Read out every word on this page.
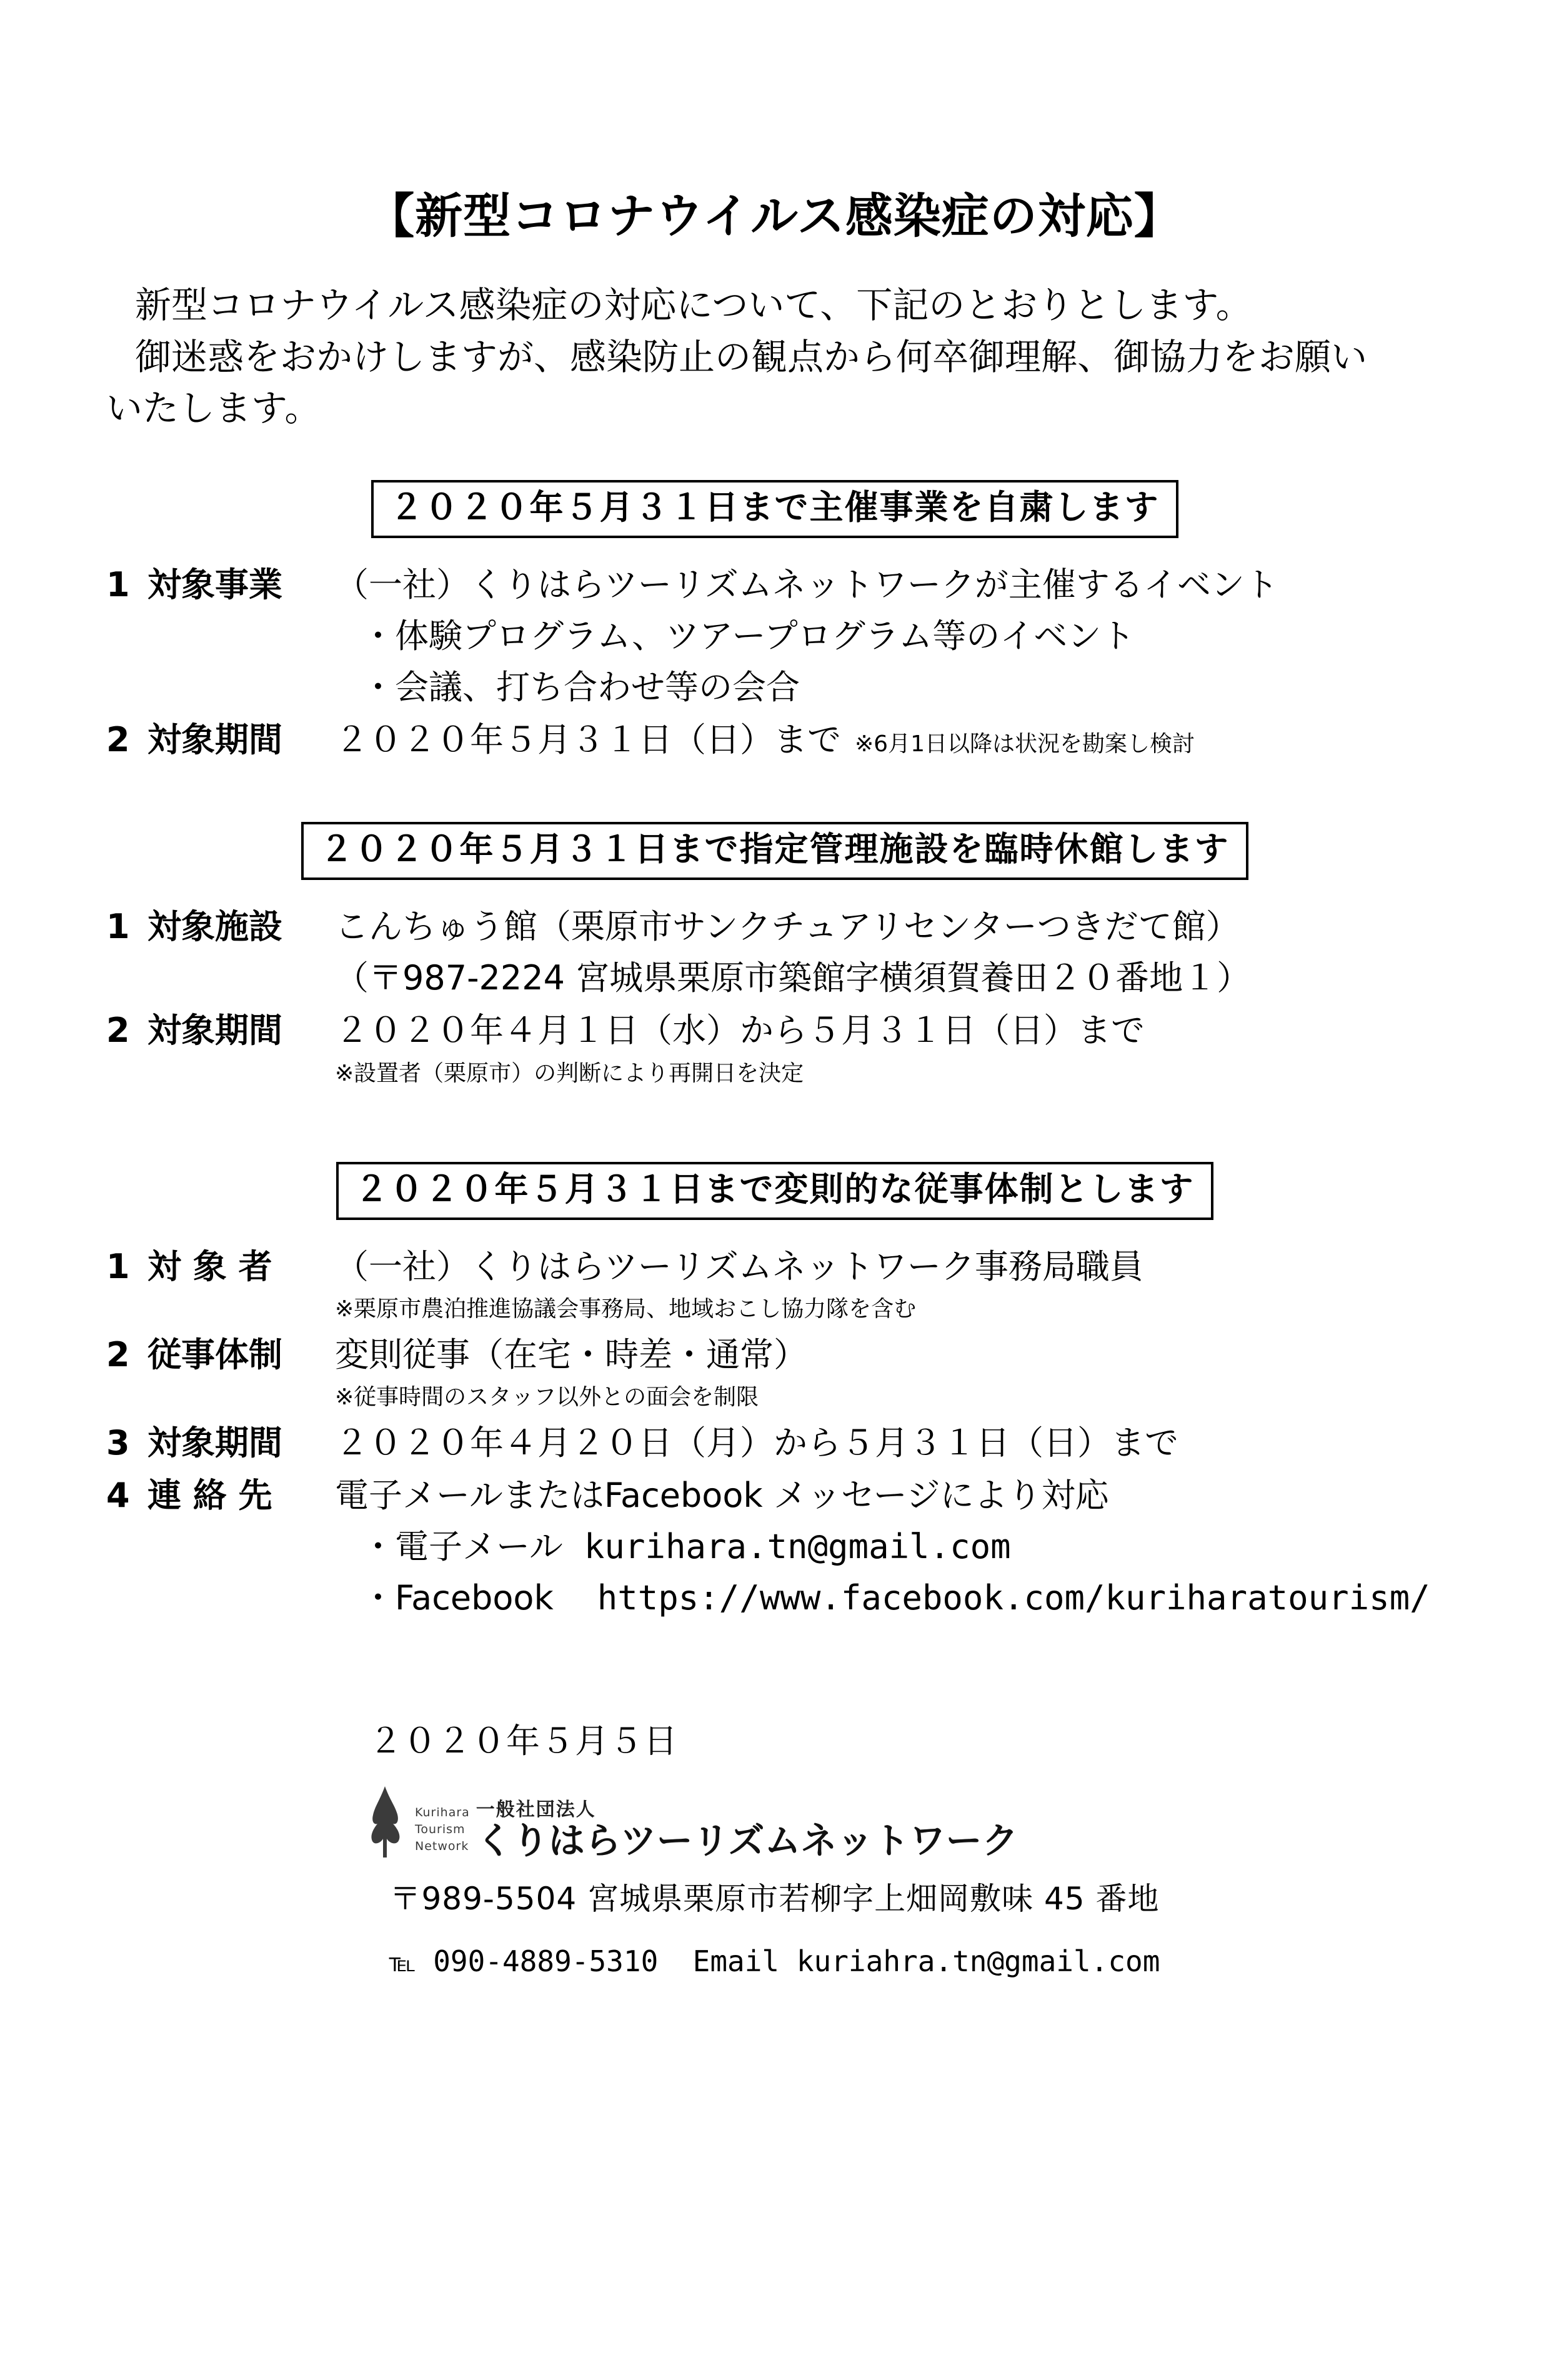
【新型コロナウイルス感染症の対応】

新型コロナウイルス感染症の対応について、下記のとおりとします。

御迷惑をおかけしますが、感染防止の観点から何卒御理解、御協力をお願い

いたします。

２０２０年５月３１日まで主催事業を自粛します
1 対象事業	（一社）くりはらツーリズムネットワークが主催するイベント
・体験プログラム、ツアープログラム等のイベント
・会議、打ち合わせ等の会合
2 対象期間	２０２０年５月３１日（日）まで ※6月1日以降は状況を勘案し検討
２０２０年５月３１日まで指定管理施設を臨時休館します
1 対象施設	こんちゅう館（栗原市サンクチュアリセンターつきだて館）
（〒987-2224 宮城県栗原市築館字横須賀養田２０番地１）
2 対象期間	２０２０年４月１日（水）から５月３１日（日）まで
※設置者（栗原市）の判断により再開日を決定
２０２０年５月３１日まで変則的な従事体制とします
1 対 象 者	（一社）くりはらツーリズムネットワーク事務局職員
※栗原市農泊推進協議会事務局、地域おこし協力隊を含む
2 従事体制	変則従事（在宅・時差・通常）
※従事時間のスタッフ以外との面会を制限
3 対象期間	２０２０年４月２０日（月）から５月３１日（日）まで
4 連 絡 先	電子メールまたはFacebook メッセージにより対応
・電子メール kurihara.tn@gmail.com
・Facebook https://www.facebook.com/kuriharatourism/
２０２０年５月５日
Kurihara
Tourism
Network
一般社団法人
くりはらツーリズムネットワーク
〒989-5504 宮城県栗原市若柳字上畑岡敷味 45 番地
℡ 090-4889-5310 Email kuriahra.tn@gmail.com
